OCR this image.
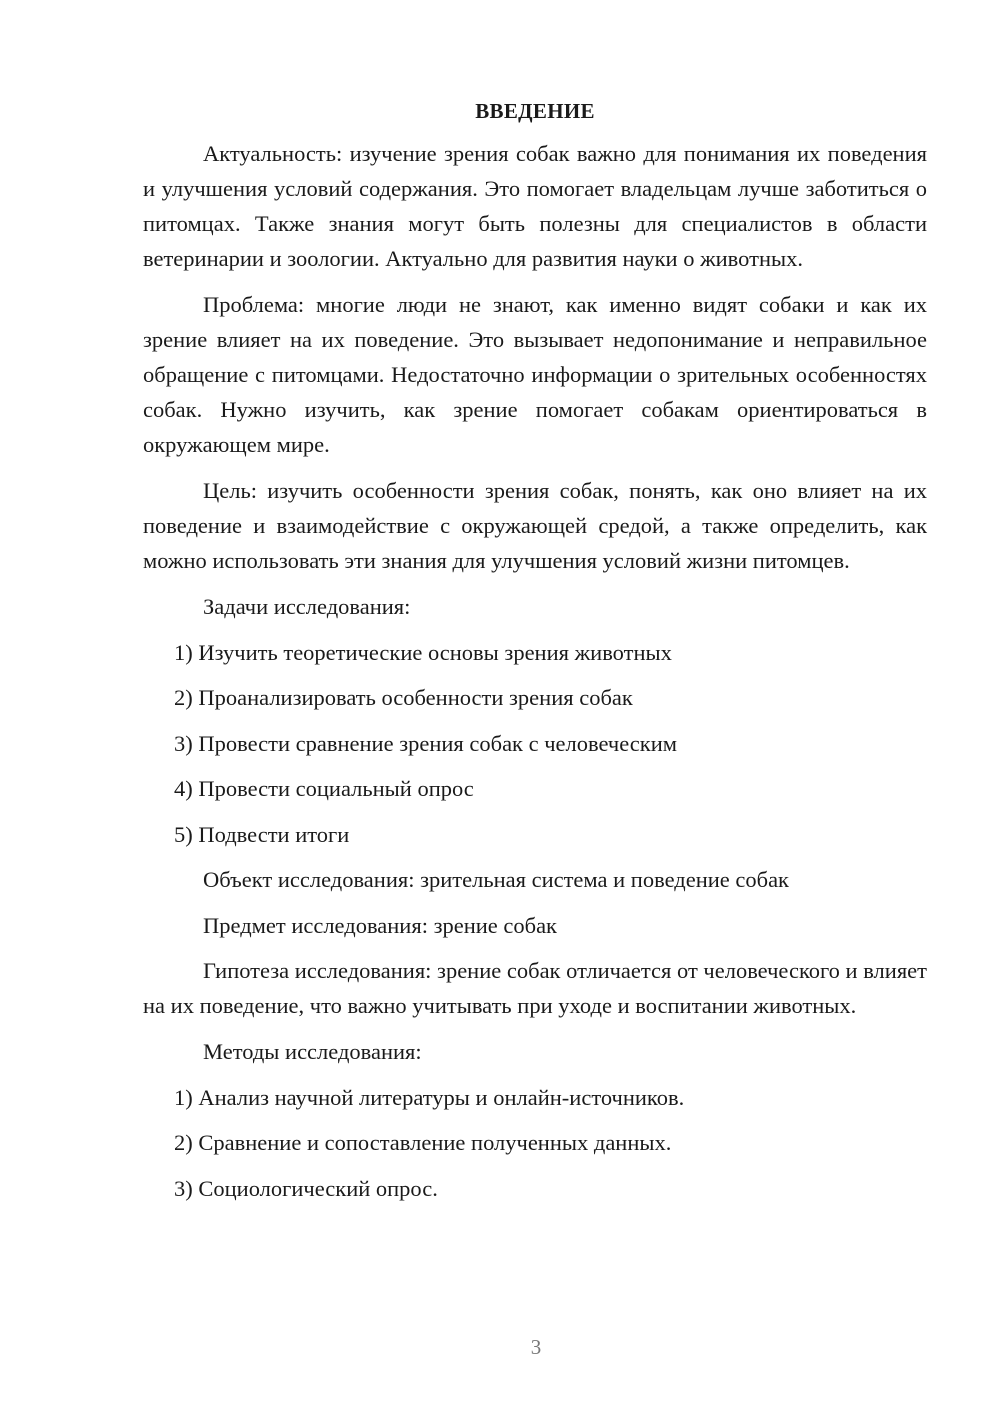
ВВЕДЕНИЕ

Актуальность: изучение зрения собак важно для понимания их поведения и улучшения условий содержания. Это помогает владельцам лучше заботиться о питомцах. Также знания могут быть полезны для специалистов в области ветеринарии и зоологии. Актуально для развития науки о животных.

Проблема: многие люди не знают, как именно видят собаки и как их зрение влияет на их поведение. Это вызывает недопонимание и неправильное обращение с питомцами. Недостаточно информации о зрительных особенностях собак. Нужно изучить, как зрение помогает собакам ориентироваться в окружающем мире.

Цель: изучить особенности зрения собак, понять, как оно влияет на их поведение и взаимодействие с окружающей средой, а также определить, как можно использовать эти знания для улучшения условий жизни питомцев.

Задачи исследования:
1) Изучить теоретические основы зрения животных
2) Проанализировать особенности зрения собак
3) Провести сравнение зрения собак с человеческим
4) Провести социальный опрос
5) Подвести итоги
Объект исследования: зрительная система и поведение собак
Предмет исследования: зрение собак

Гипотеза исследования: зрение собак отличается от человеческого и влияет на их поведение, что важно учитывать при уходе и воспитании животных.

Методы исследования:
1) Анализ научной литературы и онлайн-источников.
2) Сравнение и сопоставление полученных данных.
3) Социологический опрос.
3
